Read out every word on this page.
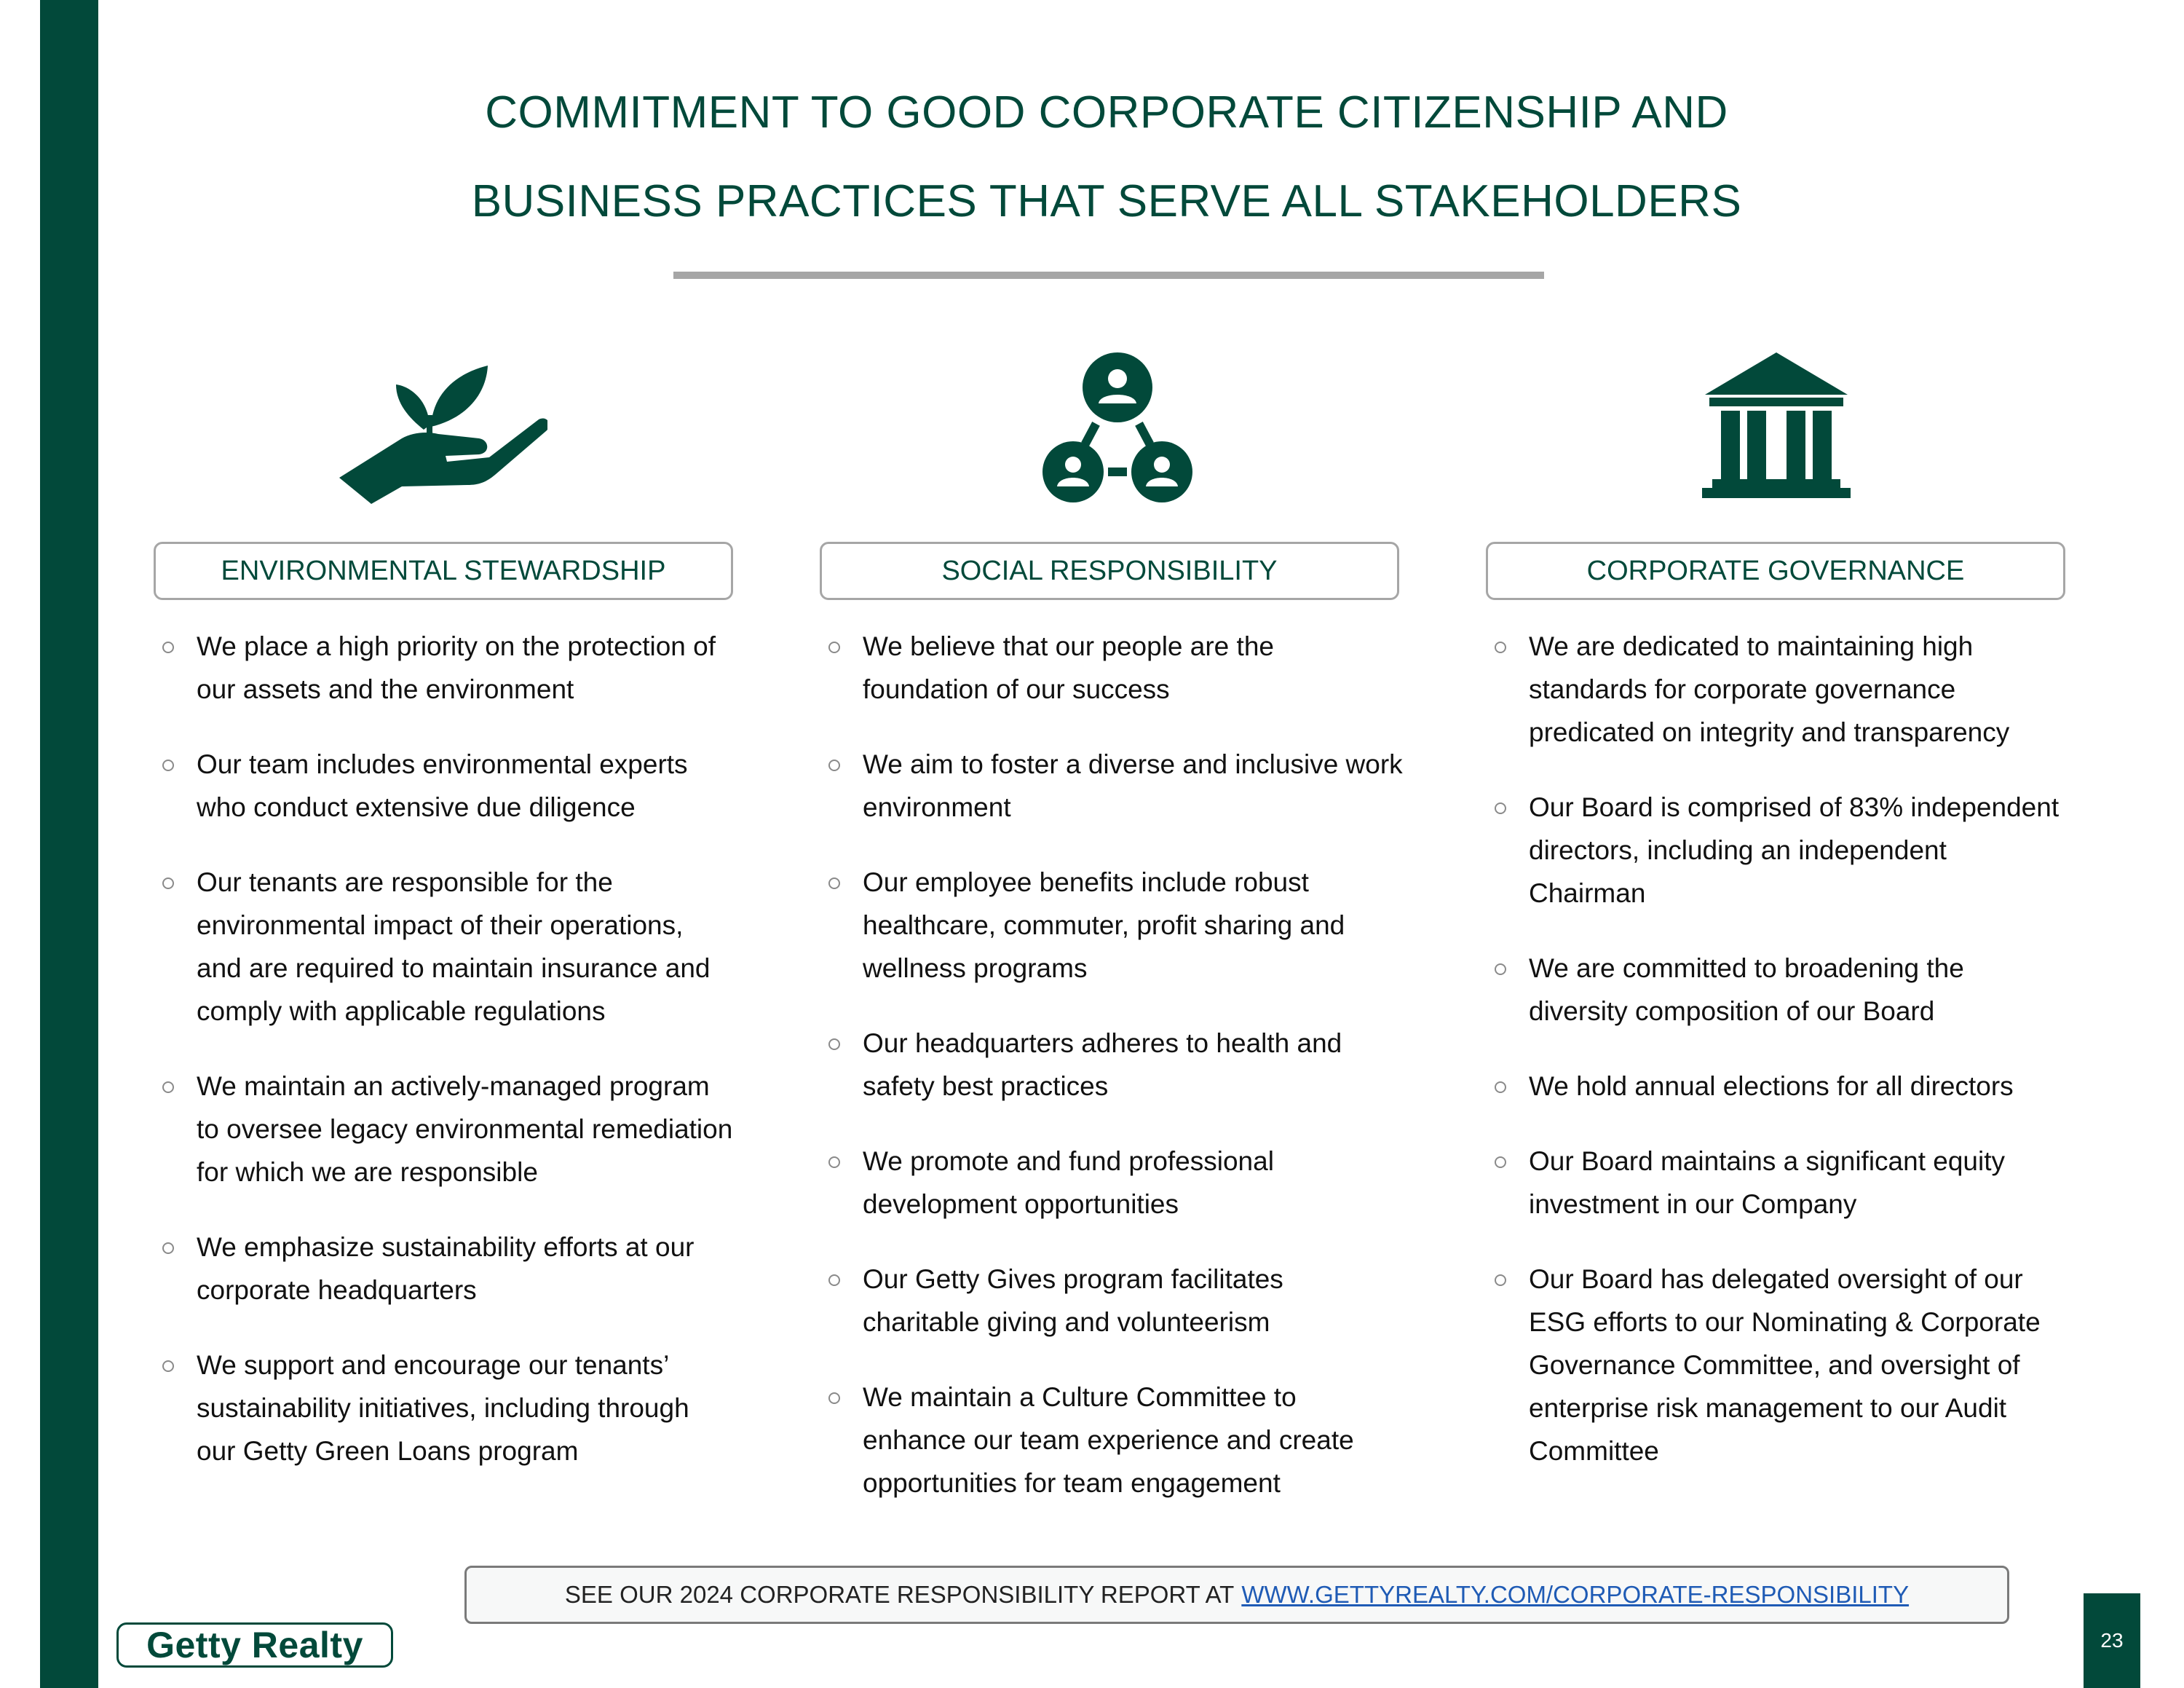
COMMITMENT TO GOOD CORPORATE CITIZENSHIP AND
BUSINESS PRACTICES THAT SERVE ALL STAKEHOLDERS
ENVIRONMENTAL STEWARDSHIP	SOCIAL RESPONSIBILITY	CORPORATE GOVERNANCE
We place a high priority on the protection of
our assets and the environment
Our team includes environmental experts
who conduct extensive due diligence
Our tenants are responsible for the
environmental impact of their operations,
and are required to maintain insurance and
comply with applicable regulations
We maintain an actively-managed program
to oversee legacy environmental remediation
for which we are responsible
We emphasize sustainability efforts at our
corporate headquarters
We support and encourage our tenants’
sustainability initiatives, including through
our Getty Green Loans program
We believe that our people are the
foundation of our success
We aim to foster a diverse and inclusive work
environment
Our employee benefits include robust
healthcare, commuter, profit sharing and
wellness programs
Our headquarters adheres to health and
safety best practices
We promote and fund professional
development opportunities
Our Getty Gives program facilitates
charitable giving and volunteerism
We maintain a Culture Committee to
enhance our team experience and create
opportunities for team engagement
We are dedicated to maintaining high
standards for corporate governance
predicated on integrity and transparency
Our Board is comprised of 83% independent
directors, including an independent
Chairman
We are committed to broadening the
diversity composition of our Board
We hold annual elections for all directors
Our Board maintains a significant equity
investment in our Company
Our Board has delegated oversight of our
ESG efforts to our Nominating & Corporate
Governance Committee, and oversight of
enterprise risk management to our Audit
Committee
SEE OUR 2024 CORPORATE RESPONSIBILITY REPORT AT WWW.GETTYREALTY.COM/CORPORATE-RESPONSIBILITY
Getty Realty	23
